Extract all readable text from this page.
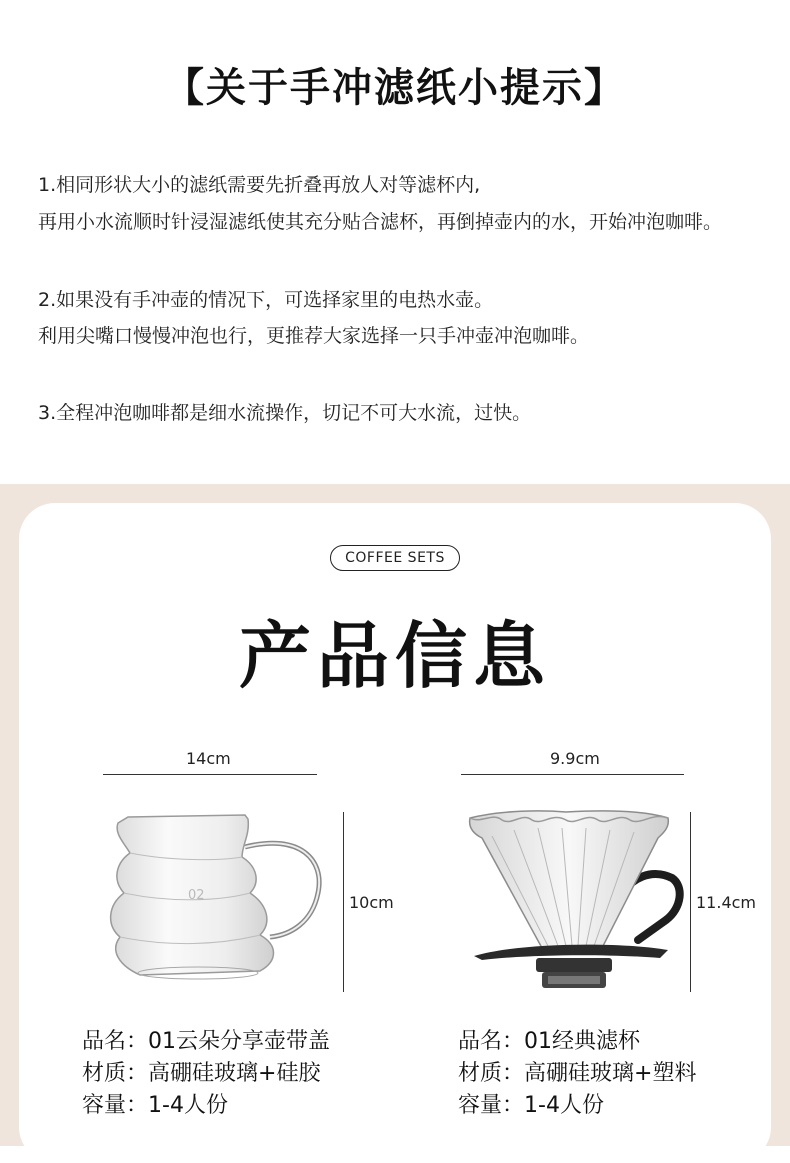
【关于手冲滤纸小提示】
1.相同形状大小的滤纸需要先折叠再放人对等滤杯内,
再用小水流顺时针浸湿滤纸使其充分贴合滤杯，再倒掉壶内的水，开始冲泡咖啡。
2.如果没有手冲壶的情况下，可选择家里的电热水壶。
利用尖嘴口慢慢冲泡也行，更推荐大家选择一只手冲壶冲泡咖啡。
3.全程冲泡咖啡都是细水流操作，切记不可大水流，过快。
COFFEE SETS
产品信息
14cm
10cm
02
品名：01云朵分享壶带盖
材质：高硼硅玻璃+硅胶
容量：1-4人份
9.9cm
11.4cm
品名：01经典滤杯
材质：高硼硅玻璃+塑料
容量：1-4人份
